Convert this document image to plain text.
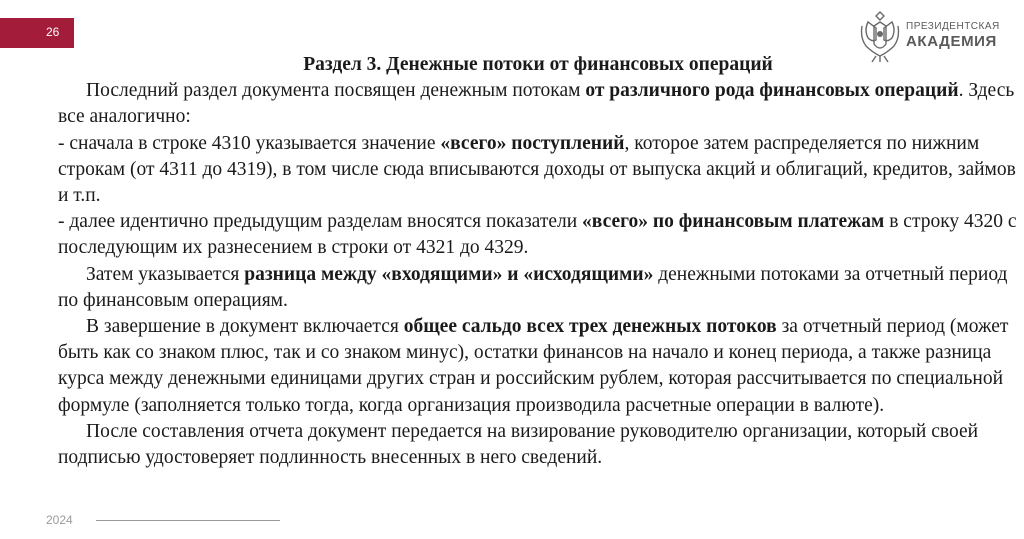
26	ПРЕЗИДЕНТСКАЯ
АКАДЕМИЯ
Раздел 3. Денежные потоки от финансовых операций
Последний раздел документа посвящен денежным потокам от различного рода финансовых операций. Здесь все аналогично:
- сначала в строке 4310 указывается значение «всего» поступлений, которое затем распределяется по нижним строкам (от 4311 до 4319), в том числе сюда вписываются доходы от выпуска акций и облигаций, кредитов, займов и т.п.
- далее идентично предыдущим разделам вносятся показатели «всего» по финансовым платежам в строку 4320 с последующим их разнесением в строки от 4321 до 4329.
Затем указывается разница между «входящими» и «исходящими» денежными потоками за отчетный период по финансовым операциям.
В завершение в документ включается общее сальдо всех трех денежных потоков за отчетный период (может быть как со знаком плюс, так и со знаком минус), остатки финансов на начало и конец периода, а также разница курса между денежными единицами других стран и российским рублем, которая рассчитывается по специальной формуле (заполняется только тогда, когда организация производила расчетные операции в валюте).
После составления отчета документ передается на визирование руководителю организации, который своей подписью удостоверяет подлинность внесенных в него сведений.
2024
